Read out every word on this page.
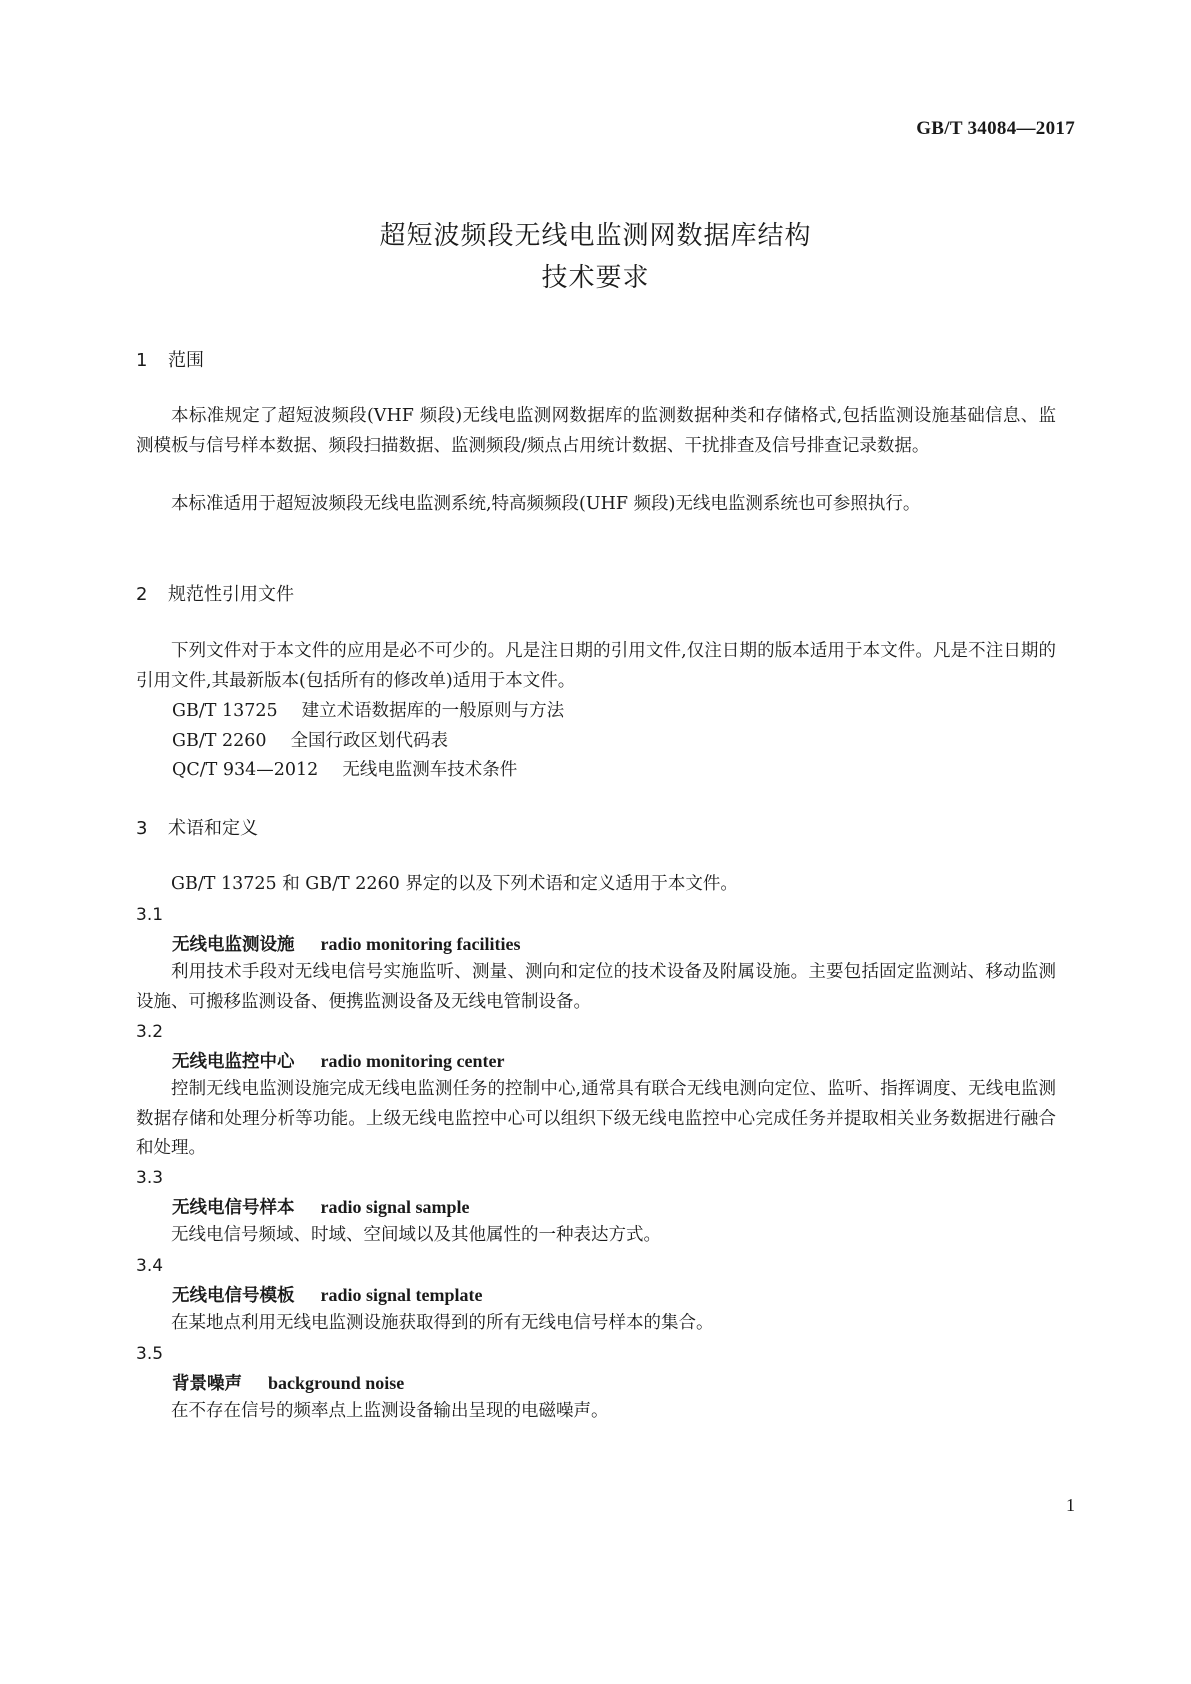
GB/T 34084—2017
超短波频段无线电监测网数据库结构
技术要求
1 范围

本标准规定了超短波频段(VHF 频段)无线电监测网数据库的监测数据种类和存储格式,包括监测设施基础信息、监测模板与信号样本数据、频段扫描数据、监测频段/频点占用统计数据、干扰排查及信号排查记录数据。

本标准适用于超短波频段无线电监测系统,特高频频段(UHF 频段)无线电监测系统也可参照执行。

2 规范性引用文件

下列文件对于本文件的应用是必不可少的。凡是注日期的引用文件,仅注日期的版本适用于本文件。凡是不注日期的引用文件,其最新版本(包括所有的修改单)适用于本文件。

GB/T 13725 建立术语数据库的一般原则与方法
GB/T 2260 全国行政区划代码表
QC/T 934—2012 无线电监测车技术条件
3 术语和定义

GB/T 13725 和 GB/T 2260 界定的以及下列术语和定义适用于本文件。

3.1
无线电监测设施 radio monitoring facilities

利用技术手段对无线电信号实施监听、测量、测向和定位的技术设备及附属设施。主要包括固定监测站、移动监测设施、可搬移监测设备、便携监测设备及无线电管制设备。

3.2
无线电监控中心 radio monitoring center

控制无线电监测设施完成无线电监测任务的控制中心,通常具有联合无线电测向定位、监听、指挥调度、无线电监测数据存储和处理分析等功能。上级无线电监控中心可以组织下级无线电监控中心完成任务并提取相关业务数据进行融合和处理。

3.3
无线电信号样本 radio signal sample

无线电信号频域、时域、空间域以及其他属性的一种表达方式。

3.4
无线电信号模板 radio signal template

在某地点利用无线电监测设施获取得到的所有无线电信号样本的集合。

3.5
背景噪声 background noise

在不存在信号的频率点上监测设备输出呈现的电磁噪声。

1
